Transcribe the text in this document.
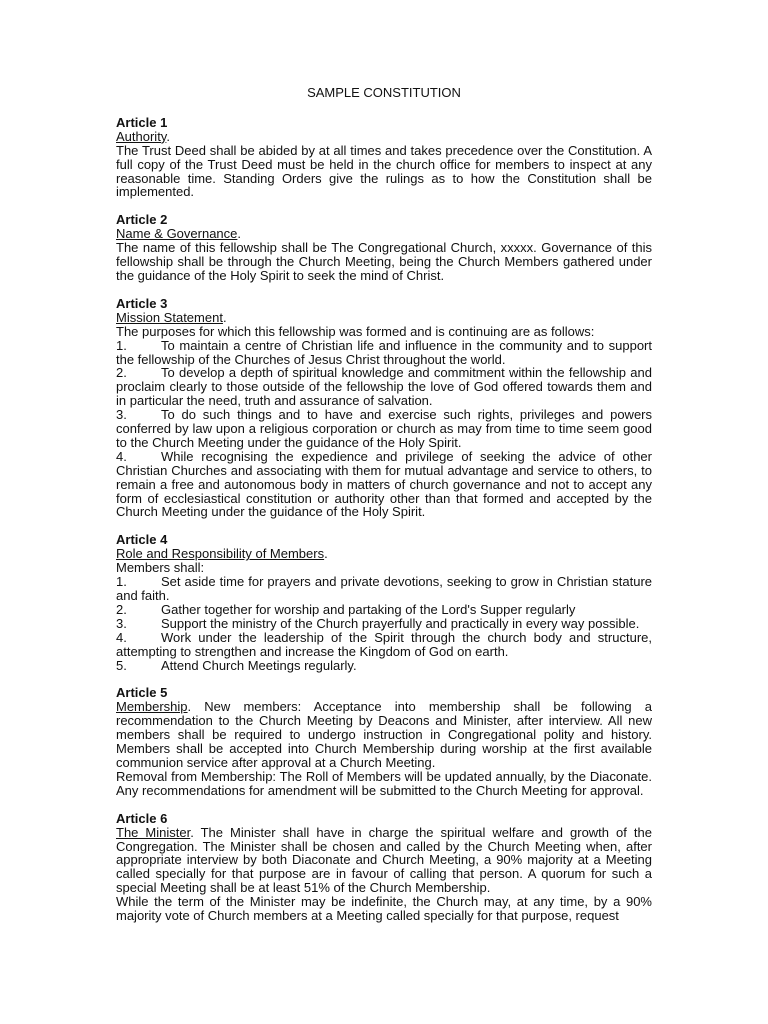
SAMPLE CONSTITUTION
Article 1
Authority.

The Trust Deed shall be abided by at all times and takes precedence over the Constitution. A full copy of the Trust Deed must be held in the church office for members to inspect at any reasonable time. Standing Orders give the rulings as to how the Constitution shall be implemented.

Article 2
Name & Governance.

The name of this fellowship shall be The Congregational Church, xxxxx. Governance of this fellowship shall be through the Church Meeting, being the Church Members gathered under the guidance of the Holy Spirit to seek the mind of Christ.

Article 3
Mission Statement.

The purposes for which this fellowship was formed and is continuing are as follows:

1.	To maintain a centre of Christian life and influence in the community and to support the fellowship of the Churches of Jesus Christ throughout the world.

2.	To develop a depth of spiritual knowledge and commitment within the fellowship and proclaim clearly to those outside of the fellowship the love of God offered towards them and in particular the need, truth and assurance of salvation.

3.	To do such things and to have and exercise such rights, privileges and powers conferred by law upon a religious corporation or church as may from time to time seem good to the Church Meeting under the guidance of the Holy Spirit.

4.	While recognising the expedience and privilege of seeking the advice of other Christian Churches and associating with them for mutual advantage and service to others, to remain a free and autonomous body in matters of church governance and not to accept any form of ecclesiastical constitution or authority other than that formed and accepted by the Church Meeting under the guidance of the Holy Spirit.

Article 4
Role and Responsibility of Members.

Members shall:

1.	Set aside time for prayers and private devotions, seeking to grow in Christian stature and faith.

2.	Gather together for worship and partaking of the Lord's Supper regularly

3.	Support the ministry of the Church prayerfully and practically in every way possible.

4.	Work under the leadership of the Spirit through the church body and structure, attempting to strengthen and increase the Kingdom of God on earth.

5.	Attend Church Meetings regularly.

Article 5

Membership. New members: Acceptance into membership shall be following a recommendation to the Church Meeting by Deacons and Minister, after interview. All new members shall be required to undergo instruction in Congregational polity and history. Members shall be accepted into Church Membership during worship at the first available communion service after approval at a Church Meeting.

Removal from Membership: The Roll of Members will be updated annually, by the Diaconate. Any recommendations for amendment will be submitted to the Church Meeting for approval.

Article 6

The Minister. The Minister shall have in charge the spiritual welfare and growth of the Congregation. The Minister shall be chosen and called by the Church Meeting when, after appropriate interview by both Diaconate and Church Meeting, a 90% majority at a Meeting called specially for that purpose are in favour of calling that person. A quorum for such a special Meeting shall be at least 51% of the Church Membership.

While the term of the Minister may be indefinite, the Church may, at any time, by a 90% majority vote of Church members at a Meeting called specially for that purpose, request
